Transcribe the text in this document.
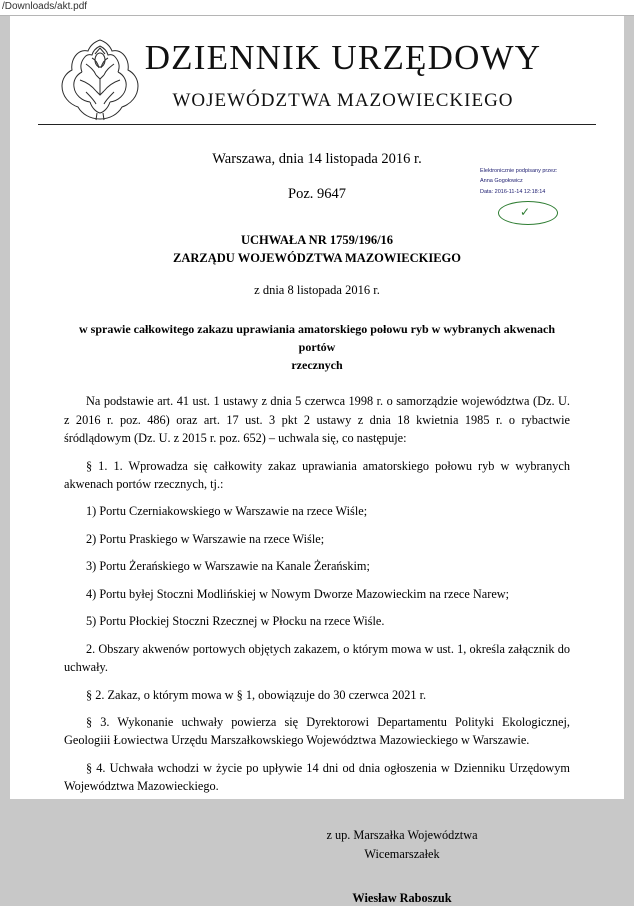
/Downloads/akt.pdf
DZIENNIK URZĘDOWY
WOJEWÓDZTWA MAZOWIECKIEGO
Warszawa, dnia 14 listopada 2016 r.
Poz. 9647
Elektronicznie podpisany przez:
Anna Gogołowicz
Data: 2016-11-14 12:18:14
✓
UCHWAŁA NR 1759/196/16
ZARZĄDU WOJEWÓDZTWA MAZOWIECKIEGO
z dnia 8 listopada 2016 r.
w sprawie całkowitego zakazu uprawiania amatorskiego połowu ryb w wybranych akwenach portów
rzecznych

Na podstawie art. 41 ust. 1 ustawy z dnia 5 czerwca 1998 r. o samorządzie województwa (Dz. U. z 2016 r. poz. 486) oraz art. 17 ust. 3 pkt 2 ustawy z dnia 18 kwietnia 1985 r. o rybactwie śródlądowym (Dz. U. z 2015 r. poz. 652) – uchwala się, co następuje:

§ 1. 1. Wprowadza się całkowity zakaz uprawiania amatorskiego połowu ryb w wybranych akwenach portów rzecznych, tj.:

1) Portu Czerniakowskiego w Warszawie na rzece Wiśle;

2) Portu Praskiego w Warszawie na rzece Wiśle;

3) Portu Żerańskiego w Warszawie na Kanale Żerańskim;

4) Portu byłej Stoczni Modlińskiej w Nowym Dworze Mazowieckim na rzece Narew;

5) Portu Płockiej Stoczni Rzecznej w Płocku na rzece Wiśle.

2. Obszary akwenów portowych objętych zakazem, o którym mowa w ust. 1, określa załącznik do uchwały.

§ 2. Zakaz, o którym mowa w § 1, obowiązuje do 30 czerwca 2021 r.

§ 3. Wykonanie uchwały powierza się Dyrektorowi Departamentu Polityki Ekologicznej, Geologiii Łowiectwa Urzędu Marszałkowskiego Województwa Mazowieckiego w Warszawie.

§ 4. Uchwała wchodzi w życie po upływie 14 dni od dnia ogłoszenia w Dzienniku Urzędowym Województwa Mazowieckiego.

z up. Marszałka Województwa
Wicemarszałek
Wiesław Raboszuk
